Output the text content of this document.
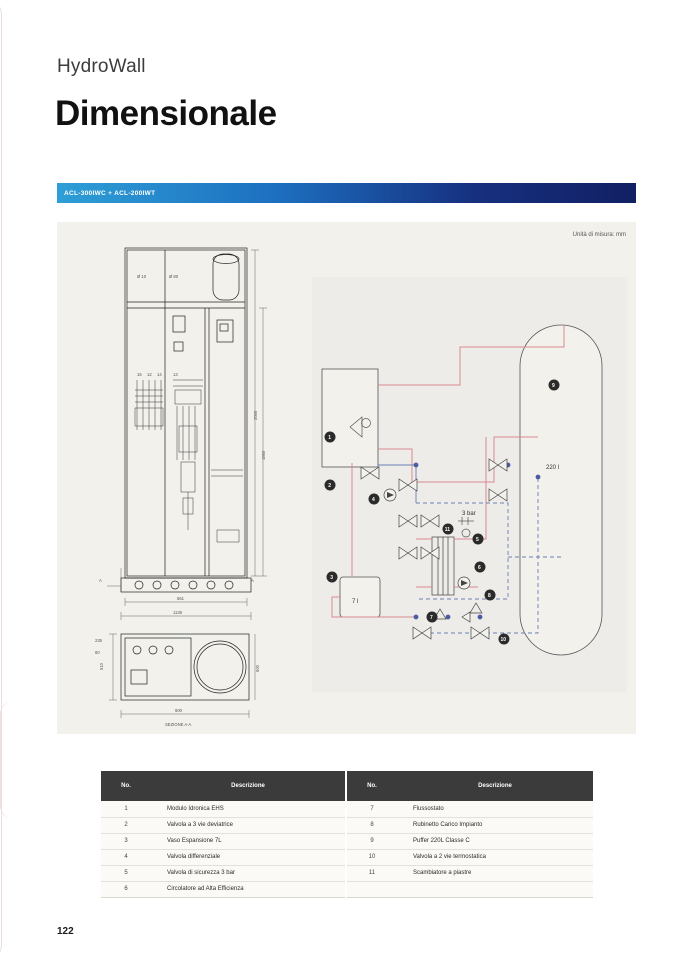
HydroWall
Dimensionale
ACL-300IWC + ACL-200IWT
Unità di misura: mm
2000
1860
561
1136
A	A
Ø 10	Ø 80
15 12 14	13
600
510	600
235
80
SEZIONE A-A
220 l
7 l
3 bar
1
2
3
4
5
6
7
8
9
10
11
No.	Descrizione
1	Modulo Idronica EHS
2	Valvola a 3 vie deviatrice
3	Vaso Espansione 7L
4	Valvola differenziale
5	Valvola di sicurezza 3 bar
6	Circolatore ad Alta Efficienza
No.	Descrizione
7	Flussostato
8	Rubinetto Carico Impianto
9	Puffer 220L Classe C
10	Valvola a 2 vie termostatica
11	Scambiatore a piastre

122
